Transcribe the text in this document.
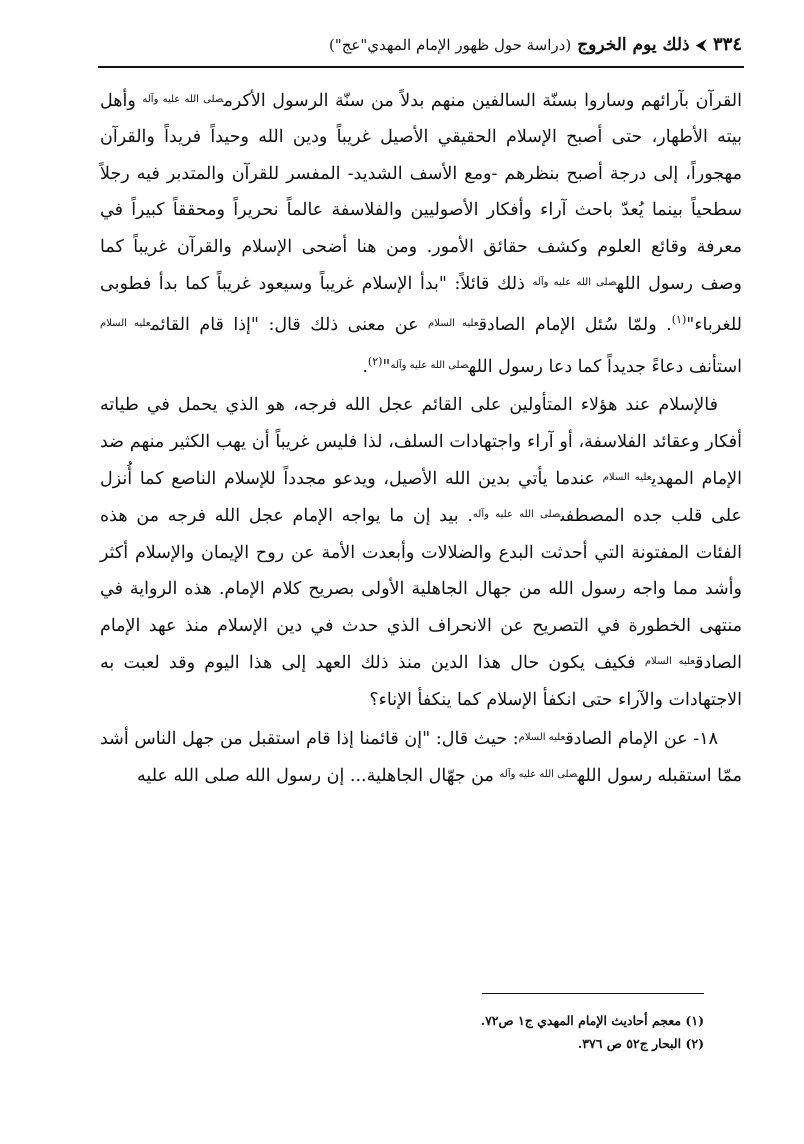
٣٣٤
⮜
ذلك يوم الخروج
(دراسة حول ظهور الإمام المهدي"عج")

القرآن بآرائهم وساروا بسنّة السالفين منهم بدلاً من سنّة الرسول الأكرم$^{صلى الله عليه وآله}$ وأهل بيته الأطهار، حتى أصبح الإسلام الحقيقي الأصيل غريباً ودين الله وحيداً فريداً والقرآن مهجوراً، إلى درجة أصبح بنظرهم -ومع الأسف الشديد- المفسر للقرآن والمتدبر فيه رجلاً سطحياً بينما يُعدّ باحث آراء وأفكار الأصوليين والفلاسفة عالماً نحريراً ومحققاً كبيراً في معرفة وقائع العلوم وكشف حقائق الأمور. ومن هنا أضحى الإسلام والقرآن غريباً كما وصف رسول الله$^{صلى الله عليه وآله}$ ذلك قائلاً: "بدأ الإسلام غريباً وسيعود غريباً كما بدأ فطوبى للغرباء"$^{(١)}$. ولمّا سُئل الإمام الصادق$^{عليه السلام}$ عن معنى ذلك قال: "إذا قام القائم$^{عليه السلام}$ استأنف دعاءً جديداً كما دعا رسول الله$^{صلى الله عليه وآله}$"$^{(٢)}$.

فالإسلام عند هؤلاء المتأولين على القائم عجل الله فرجه، هو الذي يحمل في طياته أفكار وعقائد الفلاسفة، أو آراء واجتهادات السلف، لذا فليس غريباً أن يهب الكثير منهم ضد الإمام المهدي$^{عليه السلام}$ عندما يأتي بدين الله الأصيل، ويدعو مجدداً للإسلام الناصع كما أُنزل على قلب جده المصطفى$^{صلى الله عليه وآله}$. بيد إن ما يواجه الإمام عجل الله فرجه من هذه الفئات المفتونة التي أحدثت البدع والضلالات وأبعدت الأمة عن روح الإيمان والإسلام أكثر وأشد مما واجه رسول الله من جهال الجاهلية الأولى بصريح كلام الإمام. هذه الرواية في منتهى الخطورة في التصريح عن الانحراف الذي حدث في دين الإسلام منذ عهد الإمام الصادق$^{عليه السلام}$ فكيف يكون حال هذا الدين منذ ذلك العهد إلى هذا اليوم وقد لعبت به الاجتهادات والآراء حتى انكفأ الإسلام كما ينكفأ الإناء؟

١٨- عن الإمام الصادق$^{عليه السلام}$: حيث قال: "إن قائمنا إذا قام استقبل من جهل الناس أشد ممّا استقبله رسول الله$^{صلى الله عليه وآله}$ من جهّال الجاهلية... إن رسول الله صلى الله عليه

(١) معجم أحاديث الإمام المهدي ج١ ص٧٢.
(٢) البحار ج٥٢ ص ٣٧٦.
